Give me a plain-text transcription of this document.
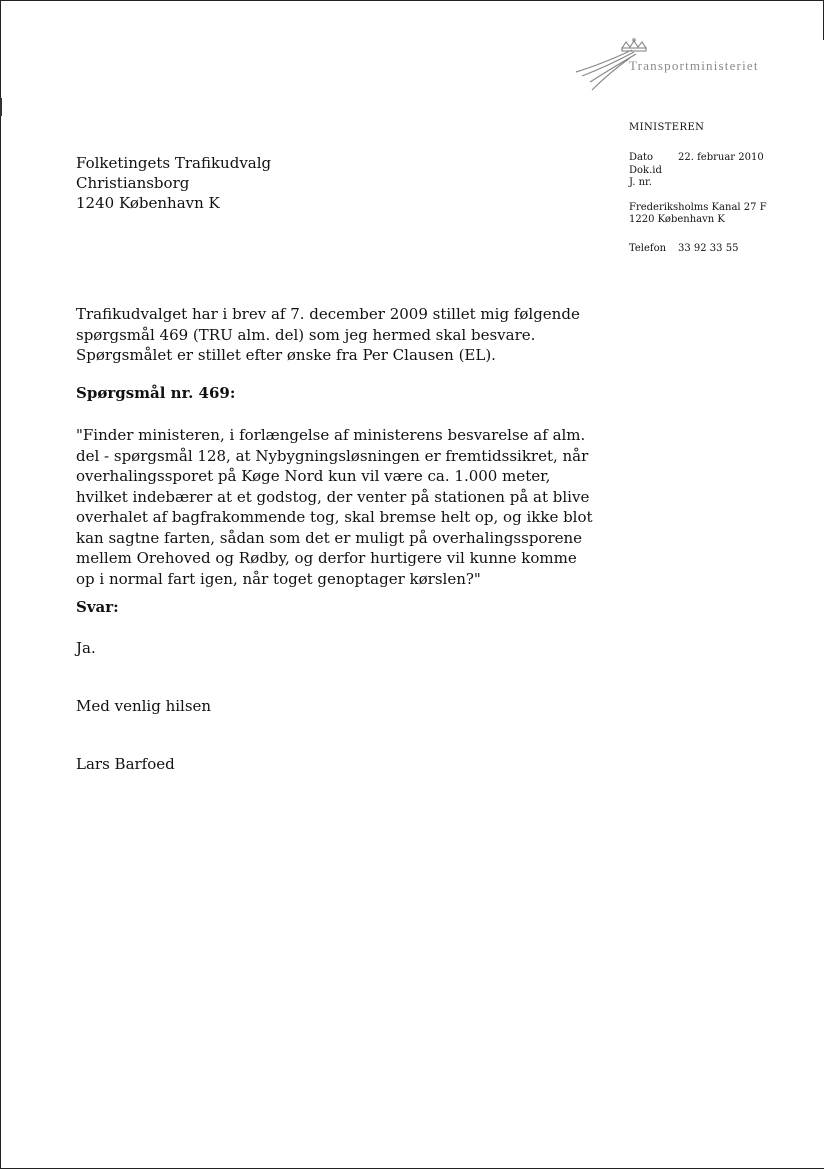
Transportministeriet
MINISTEREN
Dato 22. februar 2010
Dok.id
J. nr.
Frederiksholms Kanal 27 F
1220 København K
Telefon 33 92 33 55
Folketingets Trafikudvalg
Christiansborg
1240 København K

Trafikudvalget har i brev af 7. december 2009 stillet mig følgende spørgsmål 469 (TRU alm. del) som jeg hermed skal besvare. Spørgsmålet er stillet efter ønske fra Per Clausen (EL).

Spørgsmål nr. 469:

"Finder ministeren, i forlængelse af ministerens besvarelse af alm. del - spørgsmål 128, at Nybygningsløsningen er fremtidssikret, når overhalingssporet på Køge Nord kun vil være ca. 1.000 meter, hvilket indebærer at et godstog, der venter på stationen på at blive overhalet af bagfrakommende tog, skal bremse helt op, og ikke blot kan sagtne farten, sådan som det er muligt på overhalingssporene mellem Orehoved og Rødby, og derfor hurtigere vil kunne komme op i normal fart igen, når toget genoptager kørslen?"

Svar:

Ja.

Med venlig hilsen

Lars Barfoed
